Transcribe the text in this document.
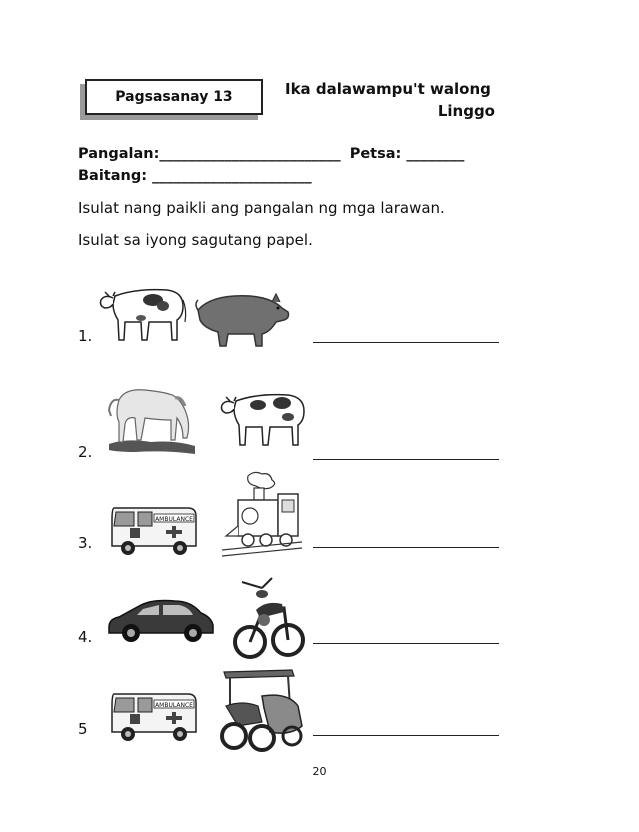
Pagsasanay 13	Ika dalawampu't walong
Linggo
Pangalan:_________________________ Petsa: ________
Baitang: ______________________
Isulat nang paikli ang pangalan ng mga larawan.
Isulat sa iyong sagutang papel.
1.
2.
3.
4.
5
AMBULANCE
AMBULANCE
20
